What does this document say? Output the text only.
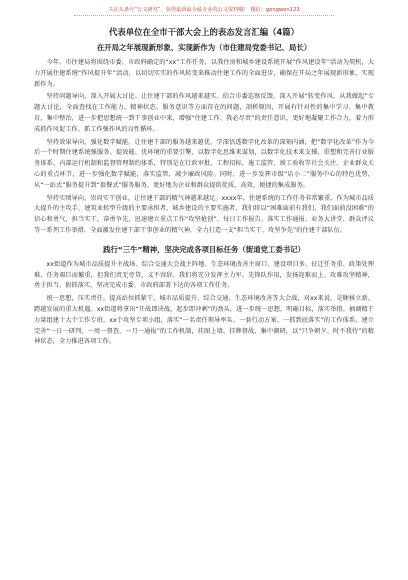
关注头条号“公文研究”，获得最新最全最专业的公文资料哦！ 微信：gongwen123
代表单位在全市干部大会上的表态发言汇编（4篇）
在开局之年展现新形象、实现新作为（市住建局党委书记、局长）

今年，市住建局将围绕市委、市政府确定的“xx”工作任务，以我住房和城乡建设系统开展“作风建设年”活动为契机，大力开展住建系统“作风提升年”活动，以切切实实的作风转变来推动住建工作的全面进步，确保在开局之年展现新形象、实现新作为。

坚持问题导向，深入开展大讨论。让住建干部的作风越来越实。结合市委巡察反馈，深入开展“转变作风、从我做起”专题大讨论，全面查找在工作能力、精神状态、服务意识等方面存在的问题，剖析原因，开展有针对性的集中学习、集中教育、集中整治，进一步把思想统一到干事创业中来，增强“住建工作、我必尽责”的责任意识，更好地凝聚工作合力，着力形成抓作风促工作、抓工作强作风的良性循环。

坚持效果导向，强化数字赋能。让住建干部的服务越来越优。学深悟透数字化改革的深刻内涵，把“数字化改革”作为今后一个时期住建系统强服务、提效能、优环境的重要引擎，以数字化思维来谋划，以数字化技术来支撑，重塑和完善行业服务体系、内部运行机制和监督管理制约体系，特别是在行政审批、工程招标、施工监管、竣工验收等社会关注、企业群众关心的重点环节，进一步强化数字赋能，落实监管，减少廉政风险。同时，进一步发挥市级“店小二”服务中心的特色优势，从“一站式”服务提升到“套餐式”服务服务，更好地为企业和群众提供优质、高效、便捷的集成服务。

坚持实绩导向，崇尚实干创业。让住建干部的精气神越来越足。xxxx年，住建系统的工作任务非常繁重，作为城市品质大提升的主攻手，建筑业转型升级的主要承担者，城乡建设的主要实施者，我们将以“困难面前有我们，我们面前没困难”的信心和勇气，担当实干，奋勇争先，迅速建立重点工作“攻坚抢创”、每日工作报告、落实工作通报、业务大讲堂、群众评议等一系列工作举措，全面激发住建干部干事创业的精气神，全力打造一支“担当实干、攻坚争先”的住建干部队伍。

践行“三牛”精神，坚决完成各项目标任务（街道党工委书记）

xx街道作为城市品质提升主战场、综合交通大会战主阵地、生态环境改善主窗口、建设项目多、征迁任务重、政策处理难，任务艰巨而繁重，但我们责无旁贷、义不容辞。我们将充分发挥主力军、先锋队作用，发扬迎难而上、攻难攻坚精神，勇于担当，狠抓落实，坚决完成市委、市政府部署下达的各项工作任务。

统一思想，压实责任。提高站位抓紧干，城市品质提升、综合交通、生态环境改善等大会战，对xx来说，是硬核立新、跨越发展的重大机遇。xx街道将拿出“开战即决战、起步即冲刺”的劲头，进一步统一思想，明确目标，落实举措。抽调精干力量组建十大个工作专班，xx个攻坚专项小组，落实“一名责任领导率头、一套行动方案、一抓到底落实”的工作体系。建立完善“一日一研判、一周一督查、一月一通报”的工作机制，挂图上墙、挂牌督战，集中调研，以“只争朝夕、时不我待”的精神状态，全力推进各项工作。
